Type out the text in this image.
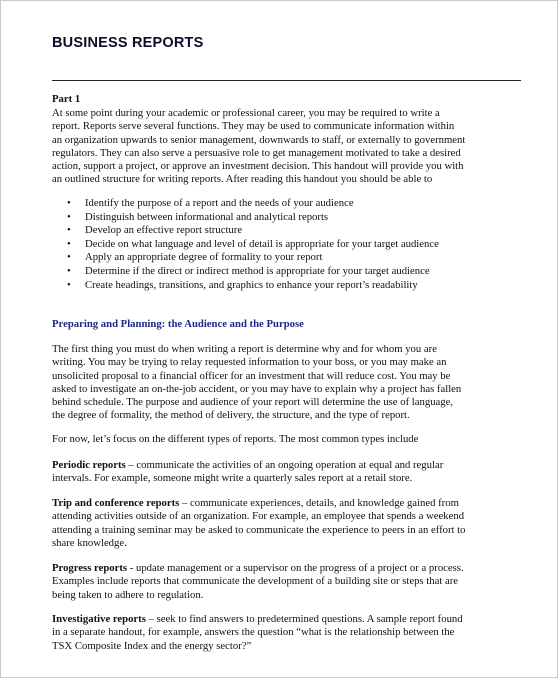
BUSINESS REPORTS
Part 1
At some point during your academic or professional career, you may be required to write a
report. Reports serve several functions. They may be used to communicate information within
an organization upwards to senior management, downwards to staff, or externally to government
regulators. They can also serve a persuasive role to get management motivated to take a desired
action, support a project, or approve an investment decision. This handout will provide you with
an outlined structure for writing reports. After reading this handout you should be able to
• Identify the purpose of a report and the needs of your audience
• Distinguish between informational and analytical reports
• Develop an effective report structure
• Decide on what language and level of detail is appropriate for your target audience
• Apply an appropriate degree of formality to your report
• Determine if the direct or indirect method is appropriate for your target audience
• Create headings, transitions, and graphics to enhance your report’s readability
Preparing and Planning: the Audience and the Purpose
The first thing you must do when writing a report is determine why and for whom you are
writing. You may be trying to relay requested information to your boss, or you may make an
unsolicited proposal to a financial officer for an investment that will reduce cost. You may be
asked to investigate an on-the-job accident, or you may have to explain why a project has fallen
behind schedule. The purpose and audience of your report will determine the use of language,
the degree of formality, the method of delivery, the structure, and the type of report.
For now, let’s focus on the different types of reports. The most common types include
Periodic reports – communicate the activities of an ongoing operation at equal and regular
intervals. For example, someone might write a quarterly sales report at a retail store.
Trip and conference reports – communicate experiences, details, and knowledge gained from
attending activities outside of an organization. For example, an employee that spends a weekend
attending a training seminar may be asked to communicate the experience to peers in an effort to
share knowledge.
Progress reports - update management or a supervisor on the progress of a project or a process.
Examples include reports that communicate the development of a building site or steps that are
being taken to adhere to regulation.
Investigative reports – seek to find answers to predetermined questions. A sample report found
in a separate handout, for example, answers the question “what is the relationship between the
TSX Composite Index and the energy sector?”
